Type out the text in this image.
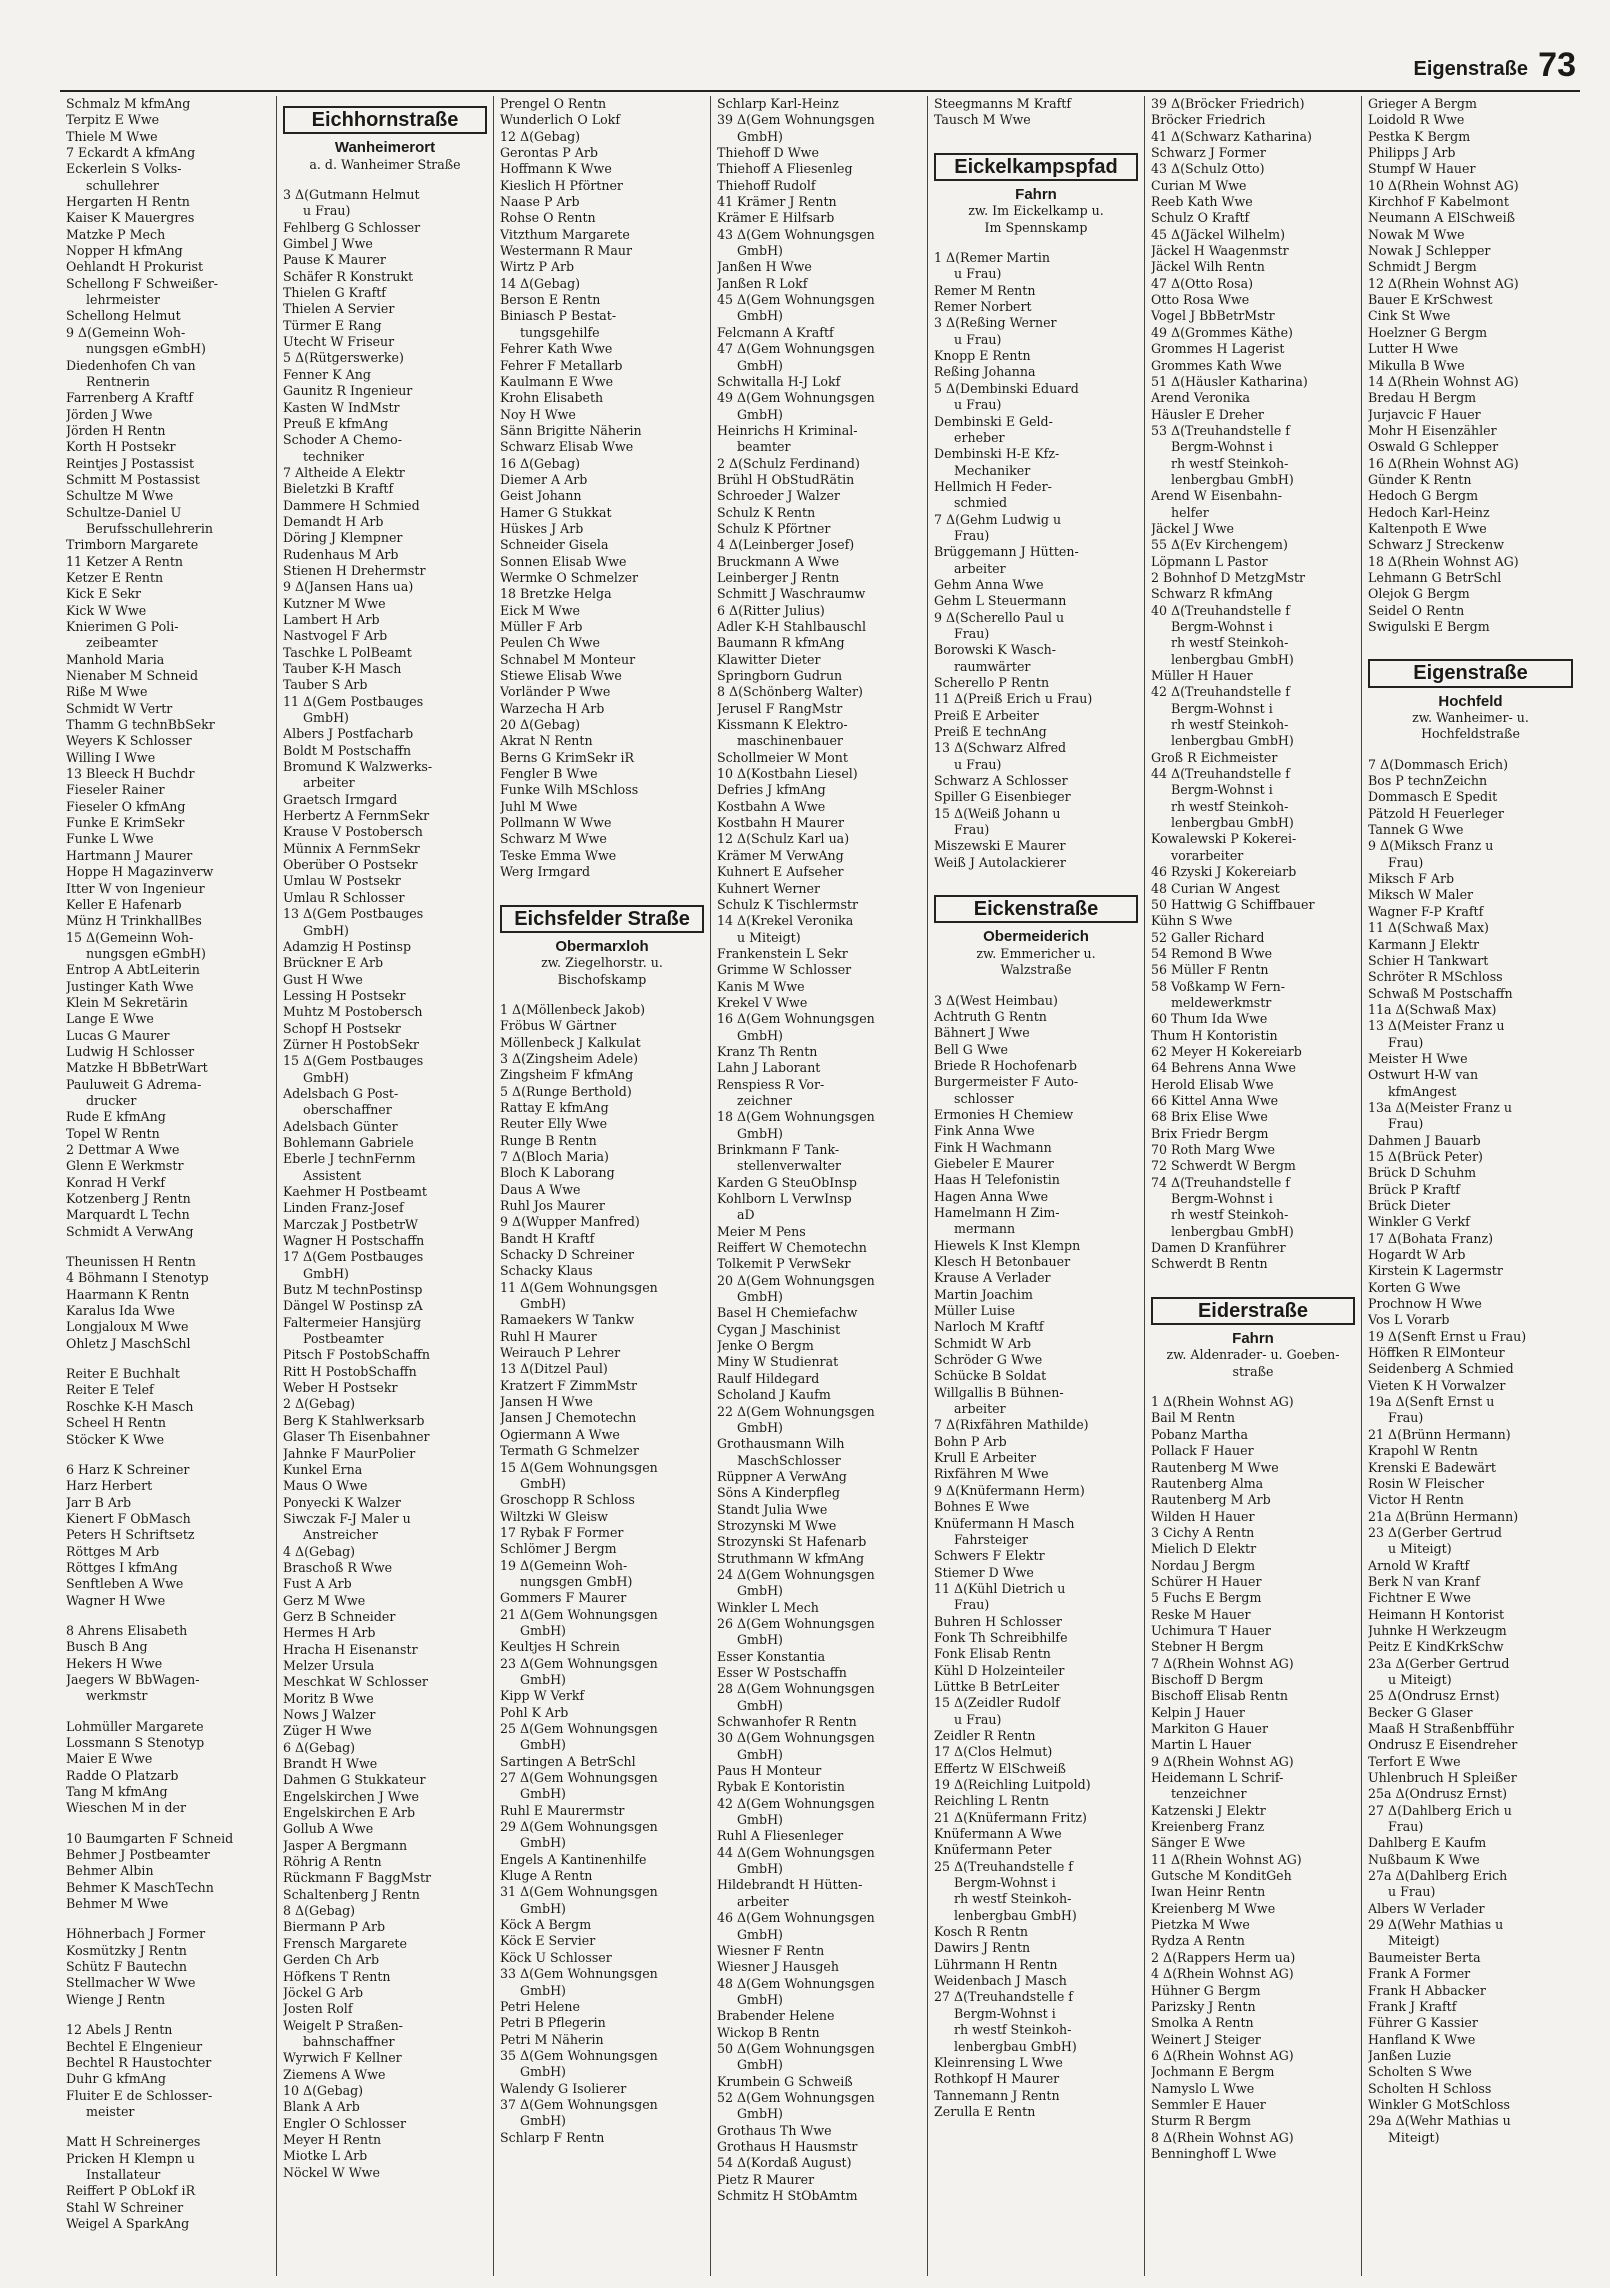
Eigenstraße 73
Schmalz M kfmAng
Terpitz E Wwe
Thiele M Wwe
7 Eckardt A kfmAng
Eckerlein S Volks-
schullehrer
Hergarten H Rentn
Kaiser K Mauergres
Matzke P Mech
Nopper H kfmAng
Oehlandt H Prokurist
Schellong F Schweißer-
lehrmeister
Schellong Helmut
9 Δ(Gemeinn Woh-
nungsgen eGmbH)
Diedenhofen Ch van
Rentnerin
Farrenberg A Kraftf
Jörden J Wwe
Jörden H Rentn
Korth H Postsekr
Reintjes J Postassist
Schmitt M Postassist
Schultze M Wwe
Schultze-Daniel U
Berufsschullehrerin
Trimborn Margarete
11 Ketzer A Rentn
Ketzer E Rentn
Kick E Sekr
Kick W Wwe
Knierimen G Poli-
zeibeamter
Manhold Maria
Nienaber M Schneid
Riße M Wwe
Schmidt W Vertr
Thamm G technBbSekr
Weyers K Schlosser
Willing I Wwe
13 Bleeck H Buchdr
Fieseler Rainer
Fieseler O kfmAng
Funke E KrimSekr
Funke L Wwe
Hartmann J Maurer
Hoppe H Magazinverw
Itter W von Ingenieur
Keller E Hafenarb
Münz H TrinkhallBes
15 Δ(Gemeinn Woh-
nungsgen eGmbH)
Entrop A AbtLeiterin
Justinger Kath Wwe
Klein M Sekretärin
Lange E Wwe
Lucas G Maurer
Ludwig H Schlosser
Matzke H BbBetrWart
Pauluweit G Adrema-
drucker
Rude E kfmAng
Topel W Rentn
2 Dettmar A Wwe
Glenn E Werkmstr
Konrad H Verkf
Kotzenberg J Rentn
Marquardt L Techn
Schmidt A VerwAng
Theunissen H Rentn
4 Böhmann I Stenotyp
Haarmann K Rentn
Karalus Ida Wwe
Longjaloux M Wwe
Ohletz J MaschSchl
Reiter E Buchhalt
Reiter E Telef
Roschke K-H Masch
Scheel H Rentn
Stöcker K Wwe
6 Harz K Schreiner
Harz Herbert
Jarr B Arb
Kienert F ObMasch
Peters H Schriftsetz
Röttges M Arb
Röttges I kfmAng
Senftleben A Wwe
Wagner H Wwe
8 Ahrens Elisabeth
Busch B Ang
Hekers H Wwe
Jaegers W BbWagen-
werkmstr
Lohmüller Margarete
Lossmann S Stenotyp
Maier E Wwe
Radde O Platzarb
Tang M kfmAng
Wieschen M in der
10 Baumgarten F Schneid
Behmer J Postbeamter
Behmer Albin
Behmer K MaschTechn
Behmer M Wwe
Höhnerbach J Former
Kosmützky J Rentn
Schütz F Bautechn
Stellmacher W Wwe
Wienge J Rentn
12 Abels J Rentn
Bechtel E Elngenieur
Bechtel R Haustochter
Duhr G kfmAng
Fluiter E de Schlosser-
meister
Matt H Schreinerges
Pricken H Klempn u
Installateur
Reiffert P ObLokf iR
Stahl W Schreiner
Weigel A SparkAng
Eichhornstraße
Wanheimerort
a. d. Wanheimer Straße
3 Δ(Gutmann Helmut
u Frau)
Fehlberg G Schlosser
Gimbel J Wwe
Pause K Maurer
Schäfer R Konstrukt
Thielen G Kraftf
Thielen A Servier
Türmer E Rang
Utecht W Friseur
5 Δ(Rütgerswerke)
Fenner K Ang
Gaunitz R Ingenieur
Kasten W IndMstr
Preuß E kfmAng
Schoder A Chemo-
techniker
7 Altheide A Elektr
Bieletzki B Kraftf
Dammere H Schmied
Demandt H Arb
Döring J Klempner
Rudenhaus M Arb
Stienen H Drehermstr
9 Δ(Jansen Hans ua)
Kutzner M Wwe
Lambert H Arb
Nastvogel F Arb
Taschke L PolBeamt
Tauber K-H Masch
Tauber S Arb
11 Δ(Gem Postbauges
GmbH)
Albers J Postfacharb
Boldt M Postschaffn
Bromund K Walzwerks-
arbeiter
Graetsch Irmgard
Herbertz A FernmSekr
Krause V Postobersch
Münnix A FernmSekr
Oberüber O Postsekr
Umlau W Postsekr
Umlau R Schlosser
13 Δ(Gem Postbauges
GmbH)
Adamzig H Postinsp
Brückner E Arb
Gust H Wwe
Lessing H Postsekr
Muhtz M Postobersch
Schopf H Postsekr
Zürner H PostobSekr
15 Δ(Gem Postbauges
GmbH)
Adelsbach G Post-
oberschaffner
Adelsbach Günter
Bohlemann Gabriele
Eberle J technFernm
Assistent
Kaehmer H Postbeamt
Linden Franz-Josef
Marczak J PostbetrW
Wagner H Postschaffn
17 Δ(Gem Postbauges
GmbH)
Butz M technPostinsp
Dängel W Postinsp zA
Faltermeier Hansjürg
Postbeamter
Pitsch F PostobSchaffn
Ritt H PostobSchaffn
Weber H Postsekr
2 Δ(Gebag)
Berg K Stahlwerksarb
Glaser Th Eisenbahner
Jahnke F MaurPolier
Kunkel Erna
Maus O Wwe
Ponyecki K Walzer
Siwczak F-J Maler u
Anstreicher
4 Δ(Gebag)
Braschoß R Wwe
Fust A Arb
Gerz M Wwe
Gerz B Schneider
Hermes H Arb
Hracha H Eisenanstr
Melzer Ursula
Meschkat W Schlosser
Moritz B Wwe
Nows J Walzer
Züger H Wwe
6 Δ(Gebag)
Brandt H Wwe
Dahmen G Stukkateur
Engelskirchen J Wwe
Engelskirchen E Arb
Gollub A Wwe
Jasper A Bergmann
Röhrig A Rentn
Rückmann F BaggMstr
Schaltenberg J Rentn
8 Δ(Gebag)
Biermann P Arb
Frensch Margarete
Gerden Ch Arb
Höfkens T Rentn
Jöckel G Arb
Josten Rolf
Weigelt P Straßen-
bahnschaffner
Wyrwich F Kellner
Ziemens A Wwe
10 Δ(Gebag)
Blank A Arb
Engler O Schlosser
Meyer H Rentn
Miotke L Arb
Nöckel W Wwe
Prengel O Rentn
Wunderlich O Lokf
12 Δ(Gebag)
Gerontas P Arb
Hoffmann K Wwe
Kieslich H Pförtner
Naase P Arb
Rohse O Rentn
Vitzthum Margarete
Westermann R Maur
Wirtz P Arb
14 Δ(Gebag)
Berson E Rentn
Biniasch P Bestat-
tungsgehilfe
Fehrer Kath Wwe
Fehrer F Metallarb
Kaulmann E Wwe
Krohn Elisabeth
Noy H Wwe
Sänn Brigitte Näherin
Schwarz Elisab Wwe
16 Δ(Gebag)
Diemer A Arb
Geist Johann
Hamer G Stukkat
Hüskes J Arb
Schneider Gisela
Sonnen Elisab Wwe
Wermke O Schmelzer
18 Bretzke Helga
Eick M Wwe
Müller F Arb
Peulen Ch Wwe
Schnabel M Monteur
Stiewe Elisab Wwe
Vorländer P Wwe
Warzecha H Arb
20 Δ(Gebag)
Akrat N Rentn
Berns G KrimSekr iR
Fengler B Wwe
Funke Wilh MSchloss
Juhl M Wwe
Pollmann W Wwe
Schwarz M Wwe
Teske Emma Wwe
Werg Irmgard
Eichsfelder Straße
Obermarxloh
zw. Ziegelhorstr. u.
Bischofskamp
1 Δ(Möllenbeck Jakob)
Fröbus W Gärtner
Möllenbeck J Kalkulat
3 Δ(Zingsheim Adele)
Zingsheim F kfmAng
5 Δ(Runge Berthold)
Rattay E kfmAng
Reuter Elly Wwe
Runge B Rentn
7 Δ(Bloch Maria)
Bloch K Laborang
Daus A Wwe
Ruhl Jos Maurer
9 Δ(Wupper Manfred)
Bandt H Kraftf
Schacky D Schreiner
Schacky Klaus
11 Δ(Gem Wohnungsgen
GmbH)
Ramaekers W Tankw
Ruhl H Maurer
Weirauch P Lehrer
13 Δ(Ditzel Paul)
Kratzert F ZimmMstr
Jansen H Wwe
Jansen J Chemotechn
Ogiermann A Wwe
Termath G Schmelzer
15 Δ(Gem Wohnungsgen
GmbH)
Groschopp R Schloss
Wiltzki W Gleisw
17 Rybak F Former
Schlömer J Bergm
19 Δ(Gemeinn Woh-
nungsgen GmbH)
Gommers F Maurer
21 Δ(Gem Wohnungsgen
GmbH)
Keultjes H Schrein
23 Δ(Gem Wohnungsgen
GmbH)
Kipp W Verkf
Pohl K Arb
25 Δ(Gem Wohnungsgen
GmbH)
Sartingen A BetrSchl
27 Δ(Gem Wohnungsgen
GmbH)
Ruhl E Maurermstr
29 Δ(Gem Wohnungsgen
GmbH)
Engels A Kantinenhilfe
Kluge A Rentn
31 Δ(Gem Wohnungsgen
GmbH)
Köck A Bergm
Köck E Servier
Köck U Schlosser
33 Δ(Gem Wohnungsgen
GmbH)
Petri Helene
Petri B Pflegerin
Petri M Näherin
35 Δ(Gem Wohnungsgen
GmbH)
Walendy G Isolierer
37 Δ(Gem Wohnungsgen
GmbH)
Schlarp F Rentn
Schlarp Karl-Heinz
39 Δ(Gem Wohnungsgen
GmbH)
Thiehoff D Wwe
Thiehoff A Fliesenleg
Thiehoff Rudolf
41 Krämer J Rentn
Krämer E Hilfsarb
43 Δ(Gem Wohnungsgen
GmbH)
Janßen H Wwe
Janßen R Lokf
45 Δ(Gem Wohnungsgen
GmbH)
Felcmann A Kraftf
47 Δ(Gem Wohnungsgen
GmbH)
Schwitalla H-J Lokf
49 Δ(Gem Wohnungsgen
GmbH)
Heinrichs H Kriminal-
beamter
2 Δ(Schulz Ferdinand)
Brühl H ObStudRätin
Schroeder J Walzer
Schulz K Rentn
Schulz K Pförtner
4 Δ(Leinberger Josef)
Bruckmann A Wwe
Leinberger J Rentn
Schmitt J Waschraumw
6 Δ(Ritter Julius)
Adler K-H Stahlbauschl
Baumann R kfmAng
Klawitter Dieter
Springborn Gudrun
8 Δ(Schönberg Walter)
Jerusel F RangMstr
Kissmann K Elektro-
maschinenbauer
Schollmeier W Mont
10 Δ(Kostbahn Liesel)
Defries J kfmAng
Kostbahn A Wwe
Kostbahn H Maurer
12 Δ(Schulz Karl ua)
Krämer M VerwAng
Kuhnert E Aufseher
Kuhnert Werner
Schulz K Tischlermstr
14 Δ(Krekel Veronika
u Miteigt)
Frankenstein L Sekr
Grimme W Schlosser
Kanis M Wwe
Krekel V Wwe
16 Δ(Gem Wohnungsgen
GmbH)
Kranz Th Rentn
Lahn J Laborant
Renspiess R Vor-
zeichner
18 Δ(Gem Wohnungsgen
GmbH)
Brinkmann F Tank-
stellenverwalter
Karden G SteuObInsp
Kohlborn L VerwInsp
aD
Meier M Pens
Reiffert W Chemotechn
Tolkemit P VerwSekr
20 Δ(Gem Wohnungsgen
GmbH)
Basel H Chemiefachw
Cygan J Maschinist
Jenke O Bergm
Miny W Studienrat
Raulf Hildegard
Scholand J Kaufm
22 Δ(Gem Wohnungsgen
GmbH)
Grothausmann Wilh
MaschSchlosser
Rüppner A VerwAng
Söns A Kinderpfleg
Standt Julia Wwe
Strozynski M Wwe
Strozynski St Hafenarb
Struthmann W kfmAng
24 Δ(Gem Wohnungsgen
GmbH)
Winkler L Mech
26 Δ(Gem Wohnungsgen
GmbH)
Esser Konstantia
Esser W Postschaffn
28 Δ(Gem Wohnungsgen
GmbH)
Schwanhofer R Rentn
30 Δ(Gem Wohnungsgen
GmbH)
Paus H Monteur
Rybak E Kontoristin
42 Δ(Gem Wohnungsgen
GmbH)
Ruhl A Fliesenleger
44 Δ(Gem Wohnungsgen
GmbH)
Hildebrandt H Hütten-
arbeiter
46 Δ(Gem Wohnungsgen
GmbH)
Wiesner F Rentn
Wiesner J Hausgeh
48 Δ(Gem Wohnungsgen
GmbH)
Brabender Helene
Wickop B Rentn
50 Δ(Gem Wohnungsgen
GmbH)
Krumbein G Schweiß
52 Δ(Gem Wohnungsgen
GmbH)
Grothaus Th Wwe
Grothaus H Hausmstr
54 Δ(Kordaß August)
Pietz R Maurer
Schmitz H StObAmtm
Steegmanns M Kraftf
Tausch M Wwe
Eickelkampspfad
Fahrn
zw. Im Eickelkamp u.
Im Spennskamp
1 Δ(Remer Martin
u Frau)
Remer M Rentn
Remer Norbert
3 Δ(Reßing Werner
u Frau)
Knopp E Rentn
Reßing Johanna
5 Δ(Dembinski Eduard
u Frau)
Dembinski E Geld-
erheber
Dembinski H-E Kfz-
Mechaniker
Hellmich H Feder-
schmied
7 Δ(Gehm Ludwig u
Frau)
Brüggemann J Hütten-
arbeiter
Gehm Anna Wwe
Gehm L Steuermann
9 Δ(Scherello Paul u
Frau)
Borowski K Wasch-
raumwärter
Scherello P Rentn
11 Δ(Preiß Erich u Frau)
Preiß E Arbeiter
Preiß E technAng
13 Δ(Schwarz Alfred
u Frau)
Schwarz A Schlosser
Spiller G Eisenbieger
15 Δ(Weiß Johann u
Frau)
Miszewski E Maurer
Weiß J Autolackierer
Eickenstraße
Obermeiderich
zw. Emmericher u.
Walzstraße
3 Δ(West Heimbau)
Achtruth G Rentn
Bähnert J Wwe
Bell G Wwe
Briede R Hochofenarb
Burgermeister F Auto-
schlosser
Ermonies H Chemiew
Fink Anna Wwe
Fink H Wachmann
Giebeler E Maurer
Haas H Telefonistin
Hagen Anna Wwe
Hamelmann H Zim-
mermann
Hiewels K Inst Klempn
Klesch H Betonbauer
Krause A Verlader
Martin Joachim
Müller Luise
Narloch M Kraftf
Schmidt W Arb
Schröder G Wwe
Schücke B Soldat
Willgallis B Bühnen-
arbeiter
7 Δ(Rixfähren Mathilde)
Bohn P Arb
Krull E Arbeiter
Rixfähren M Wwe
9 Δ(Knüfermann Herm)
Bohnes E Wwe
Knüfermann H Masch
Fahrsteiger
Schwers F Elektr
Stiemer D Wwe
11 Δ(Kühl Dietrich u
Frau)
Buhren H Schlosser
Fonk Th Schreibhilfe
Fonk Elisab Rentn
Kühl D Holzeinteiler
Lüttke B BetrLeiter
15 Δ(Zeidler Rudolf
u Frau)
Zeidler R Rentn
17 Δ(Clos Helmut)
Effertz W ElSchweiß
19 Δ(Reichling Luitpold)
Reichling L Rentn
21 Δ(Knüfermann Fritz)
Knüfermann A Wwe
Knüfermann Peter
25 Δ(Treuhandstelle f
Bergm-Wohnst i
rh westf Steinkoh-
lenbergbau GmbH)
Kosch R Rentn
Dawirs J Rentn
Lührmann H Rentn
Weidenbach J Masch
27 Δ(Treuhandstelle f
Bergm-Wohnst i
rh westf Steinkoh-
lenbergbau GmbH)
Kleinrensing L Wwe
Rothkopf H Maurer
Tannemann J Rentn
Zerulla E Rentn
39 Δ(Bröcker Friedrich)
Bröcker Friedrich
41 Δ(Schwarz Katharina)
Schwarz J Former
43 Δ(Schulz Otto)
Curian M Wwe
Reeb Kath Wwe
Schulz O Kraftf
45 Δ(Jäckel Wilhelm)
Jäckel H Waagenmstr
Jäckel Wilh Rentn
47 Δ(Otto Rosa)
Otto Rosa Wwe
Vogel J BbBetrMstr
49 Δ(Grommes Käthe)
Grommes H Lagerist
Grommes Kath Wwe
51 Δ(Häusler Katharina)
Arend Veronika
Häusler E Dreher
53 Δ(Treuhandstelle f
Bergm-Wohnst i
rh westf Steinkoh-
lenbergbau GmbH)
Arend W Eisenbahn-
helfer
Jäckel J Wwe
55 Δ(Ev Kirchengem)
Löpmann L Pastor
2 Bohnhof D MetzgMstr
Schwarz R kfmAng
40 Δ(Treuhandstelle f
Bergm-Wohnst i
rh westf Steinkoh-
lenbergbau GmbH)
Müller H Hauer
42 Δ(Treuhandstelle f
Bergm-Wohnst i
rh westf Steinkoh-
lenbergbau GmbH)
Groß R Eichmeister
44 Δ(Treuhandstelle f
Bergm-Wohnst i
rh westf Steinkoh-
lenbergbau GmbH)
Kowalewski P Kokerei-
vorarbeiter
46 Rzyski J Kokereiarb
48 Curian W Angest
50 Hattwig G Schiffbauer
Kühn S Wwe
52 Galler Richard
54 Remond B Wwe
56 Müller F Rentn
58 Voßkamp W Fern-
meldewerkmstr
60 Thum Ida Wwe
Thum H Kontoristin
62 Meyer H Kokereiarb
64 Behrens Anna Wwe
Herold Elisab Wwe
66 Kittel Anna Wwe
68 Brix Elise Wwe
Brix Friedr Bergm
70 Roth Marg Wwe
72 Schwerdt W Bergm
74 Δ(Treuhandstelle f
Bergm-Wohnst i
rh westf Steinkoh-
lenbergbau GmbH)
Damen D Kranführer
Schwerdt B Rentn
Eiderstraße
Fahrn
zw. Aldenrader- u. Goeben-
straße
1 Δ(Rhein Wohnst AG)
Bail M Rentn
Pobanz Martha
Pollack F Hauer
Rautenberg M Wwe
Rautenberg Alma
Rautenberg M Arb
Wilden H Hauer
3 Cichy A Rentn
Mielich D Elektr
Nordau J Bergm
Schürer H Hauer
5 Fuchs E Bergm
Reske M Hauer
Uchimura T Hauer
Stebner H Bergm
7 Δ(Rhein Wohnst AG)
Bischoff D Bergm
Bischoff Elisab Rentn
Kelpin J Hauer
Markiton G Hauer
Martin L Hauer
9 Δ(Rhein Wohnst AG)
Heidemann L Schrif-
tenzeichner
Katzenski J Elektr
Kreienberg Franz
Sänger E Wwe
11 Δ(Rhein Wohnst AG)
Gutsche M KonditGeh
Iwan Heinr Rentn
Kreienberg M Wwe
Pietzka M Wwe
Rydza A Rentn
2 Δ(Rappers Herm ua)
4 Δ(Rhein Wohnst AG)
Hühner G Bergm
Parizsky J Rentn
Smolka A Rentn
Weinert J Steiger
6 Δ(Rhein Wohnst AG)
Jochmann E Bergm
Namyslo L Wwe
Semmler E Hauer
Sturm R Bergm
8 Δ(Rhein Wohnst AG)
Benninghoff L Wwe
Grieger A Bergm
Loidold R Wwe
Pestka K Bergm
Philipps J Arb
Stumpf W Hauer
10 Δ(Rhein Wohnst AG)
Kirchhof F Kabelmont
Neumann A ElSchweiß
Nowak M Wwe
Nowak J Schlepper
Schmidt J Bergm
12 Δ(Rhein Wohnst AG)
Bauer E KrSchwest
Cink St Wwe
Hoelzner G Bergm
Lutter H Wwe
Mikulla B Wwe
14 Δ(Rhein Wohnst AG)
Bredau H Bergm
Jurjavcic F Hauer
Mohr H Eisenzähler
Oswald G Schlepper
16 Δ(Rhein Wohnst AG)
Günder K Rentn
Hedoch G Bergm
Hedoch Karl-Heinz
Kaltenpoth E Wwe
Schwarz J Streckenw
18 Δ(Rhein Wohnst AG)
Lehmann G BetrSchl
Olejok G Bergm
Seidel O Rentn
Swigulski E Bergm
Eigenstraße
Hochfeld
zw. Wanheimer- u.
Hochfeldstraße
7 Δ(Dommasch Erich)
Bos P technZeichn
Dommasch E Spedit
Pätzold H Feuerleger
Tannek G Wwe
9 Δ(Miksch Franz u
Frau)
Miksch F Arb
Miksch W Maler
Wagner F-P Kraftf
11 Δ(Schwaß Max)
Karmann J Elektr
Schier H Tankwart
Schröter R MSchloss
Schwaß M Postschaffn
11a Δ(Schwaß Max)
13 Δ(Meister Franz u
Frau)
Meister H Wwe
Ostwurt H-W van
kfmAngest
13a Δ(Meister Franz u
Frau)
Dahmen J Bauarb
15 Δ(Brück Peter)
Brück D Schuhm
Brück P Kraftf
Brück Dieter
Winkler G Verkf
17 Δ(Bohata Franz)
Hogardt W Arb
Kirstein K Lagermstr
Korten G Wwe
Prochnow H Wwe
Vos L Vorarb
19 Δ(Senft Ernst u Frau)
Höffken R ElMonteur
Seidenberg A Schmied
Vieten K H Vorwalzer
19a Δ(Senft Ernst u
Frau)
21 Δ(Brünn Hermann)
Krapohl W Rentn
Krenski E Badewärt
Rosin W Fleischer
Victor H Rentn
21a Δ(Brünn Hermann)
23 Δ(Gerber Gertrud
u Miteigt)
Arnold W Kraftf
Berk N van Kranf
Fichtner E Wwe
Heimann H Kontorist
Juhnke H Werkzeugm
Peitz E KindKrkSchw
23a Δ(Gerber Gertrud
u Miteigt)
25 Δ(Ondrusz Ernst)
Becker G Glaser
Maaß H Straßenbfführ
Ondrusz E Eisendreher
Terfort E Wwe
Uhlenbruch H Spleißer
25a Δ(Ondrusz Ernst)
27 Δ(Dahlberg Erich u
Frau)
Dahlberg E Kaufm
Nußbaum K Wwe
27a Δ(Dahlberg Erich
u Frau)
Albers W Verlader
29 Δ(Wehr Mathias u
Miteigt)
Baumeister Berta
Frank A Former
Frank H Abbacker
Frank J Kraftf
Führer G Kassier
Hanfland K Wwe
Janßen Luzie
Scholten S Wwe
Scholten H Schloss
Winkler G MotSchloss
29a Δ(Wehr Mathias u
Miteigt)
